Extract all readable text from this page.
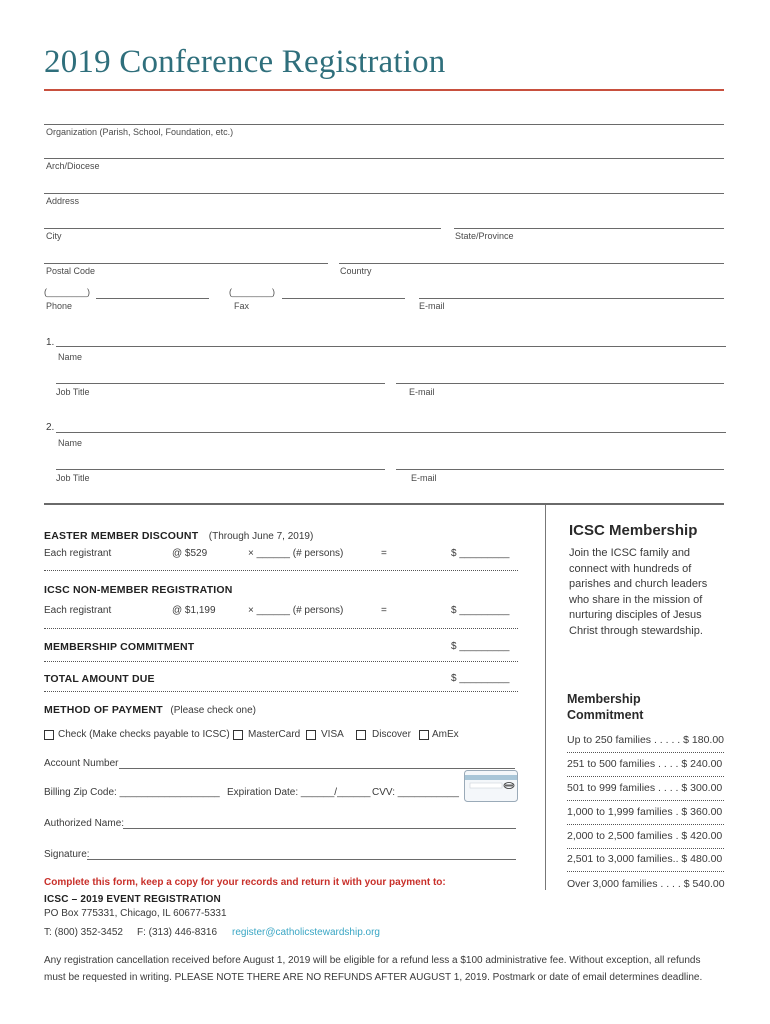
2019 Conference Registration
Organization (Parish, School, Foundation, etc.)
Arch/Diocese
Address
City	State/Province
Postal Code	Country
(________)
Phone
(________)
Fax	E-mail
1.
Name
Job Title	E-mail
2.
Name
Job Title	E-mail
EASTER MEMBER DISCOUNT (Through June 7, 2019)
Each registrant	@ $529	× ______ (# persons)	=	$ _________
ICSC NON-MEMBER REGISTRATION
Each registrant	@ $1,199	× ______ (# persons)	=	$ _________
MEMBERSHIP COMMITMENT	$ _________
TOTAL AMOUNT DUE	$ _________
METHOD OF PAYMENT (Please check one)
Check (Make checks payable to ICSC) MasterCard VISA	Discover AmEx
Account Number
Billing Zip Code: __________________ Expiration Date: ______/______ CVV: ___________
Authorized Name:
Signature:
Complete this form, keep a copy for your records and return it with your payment to:
ICSC – 2019 EVENT REGISTRATION
PO Box 775331, Chicago, IL 60677-5331
T: (800) 352-3452 F: (313) 446-8316 register@catholicstewardship.org
Any registration cancellation received before August 1, 2019 will be eligible for a refund less a $100 administrative fee. Without exception, all refunds must be requested in writing. PLEASE NOTE THERE ARE NO REFUNDS AFTER AUGUST 1, 2019. Postmark or date of email determines deadline.
ICSC Membership
Join the ICSC family and connect with hundreds of parishes and church leaders who share in the mission of nurturing disciples of Jesus Christ through stewardship.
Membership Commitment
Up to 250 families . . . . . $ 180.00
251 to 500 families . . . . $ 240.00
501 to 999 families . . . . $ 300.00
1,000 to 1,999 families . $ 360.00
2,000 to 2,500 families . $ 420.00
2,501 to 3,000 families.. $ 480.00
Over 3,000 families . . . . $ 540.00
